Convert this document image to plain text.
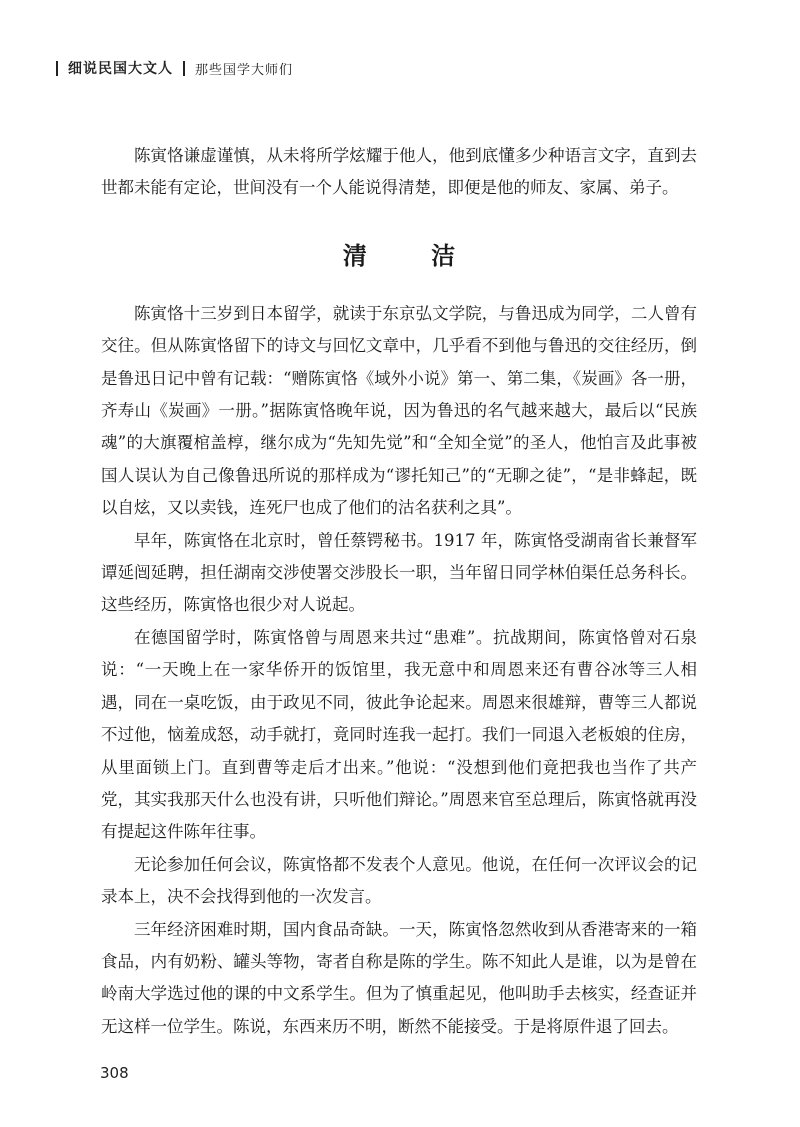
细说民国大文人 那些国学大师们

陈寅恪谦虚谨慎，从未将所学炫耀于他人，他到底懂多少种语言文字，直到去世都未能有定论，世间没有一个人能说得清楚，即便是他的师友、家属、弟子。

清 洁

陈寅恪十三岁到日本留学，就读于东京弘文学院，与鲁迅成为同学，二人曾有交往。但从陈寅恪留下的诗文与回忆文章中，几乎看不到他与鲁迅的交往经历，倒是鲁迅日记中曾有记载：“赠陈寅恪《域外小说》第一、第二集，《炭画》各一册，齐寿山《炭画》一册。”据陈寅恪晚年说，因为鲁迅的名气越来越大，最后以“民族魂”的大旗覆棺盖椁，继尔成为“先知先觉”和“全知全觉”的圣人，他怕言及此事被国人误认为自己像鲁迅所说的那样成为“谬托知己”的“无聊之徒”，“是非蜂起，既以自炫，又以卖钱，连死尸也成了他们的沽名获利之具”。

早年，陈寅恪在北京时，曾任蔡锷秘书。1917 年，陈寅恪受湖南省长兼督军谭延闿延聘，担任湖南交涉使署交涉股长一职，当年留日同学林伯渠任总务科长。这些经历，陈寅恪也很少对人说起。

在德国留学时，陈寅恪曾与周恩来共过“患难”。抗战期间，陈寅恪曾对石泉说：“一天晚上在一家华侨开的饭馆里，我无意中和周恩来还有曹谷冰等三人相遇，同在一桌吃饭，由于政见不同，彼此争论起来。周恩来很雄辩，曹等三人都说不过他，恼羞成怒，动手就打，竟同时连我一起打。我们一同退入老板娘的住房，从里面锁上门。直到曹等走后才出来。”他说：“没想到他们竟把我也当作了共产党，其实我那天什么也没有讲，只听他们辩论。”周恩来官至总理后，陈寅恪就再没有提起这件陈年往事。

无论参加任何会议，陈寅恪都不发表个人意见。他说，在任何一次评议会的记录本上，决不会找得到他的一次发言。

三年经济困难时期，国内食品奇缺。一天，陈寅恪忽然收到从香港寄来的一箱食品，内有奶粉、罐头等物，寄者自称是陈的学生。陈不知此人是谁，以为是曾在岭南大学选过他的课的中文系学生。但为了慎重起见，他叫助手去核实，经查证并无这样一位学生。陈说，东西来历不明，断然不能接受。于是将原件退了回去。

308
